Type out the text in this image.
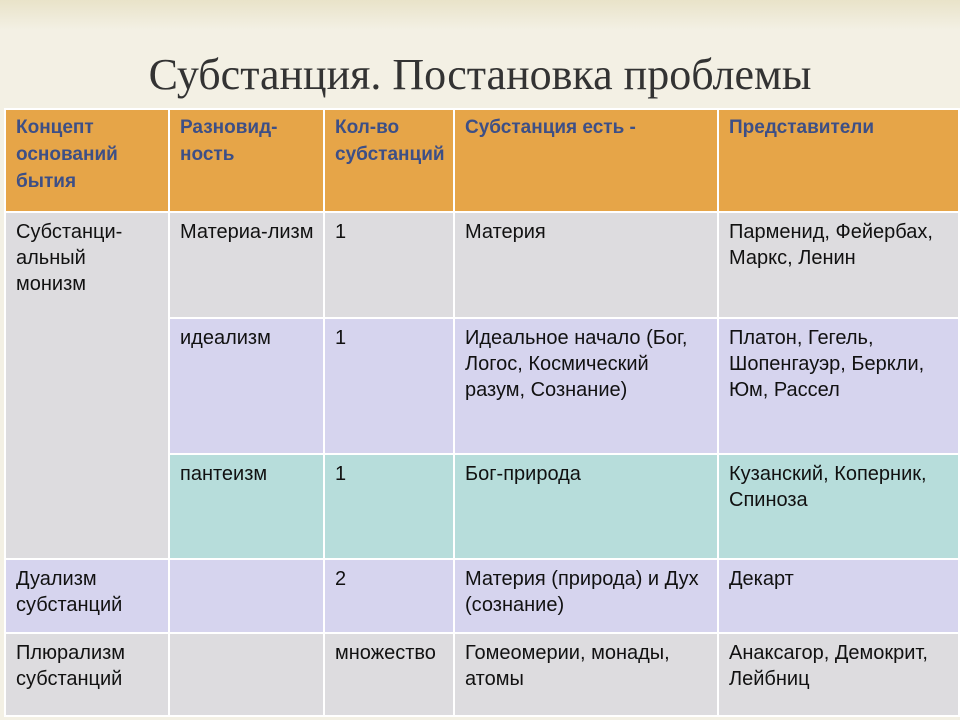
Субстанция. Постановка проблемы
Концепт оснований бытия	Разновид-ность	Кол-во субстанций	Субстанция есть -	Представители
Субстанци-альный монизм	Материа-лизм	1	Материя	Парменид, Фейербах, Маркс, Ленин
	идеализм	1	Идеальное начало (Бог, Логос, Космический разум, Сознание)	Платон, Гегель, Шопенгауэр, Беркли, Юм, Рассел
	пантеизм	1	Бог-природа	Кузанский, Коперник, Спиноза
Дуализм субстанций		2	Материя (природа) и Дух (сознание)	Декарт
Плюрализм субстанций		множество	Гомеомерии, монады, атомы	Анаксагор, Демокрит, Лейбниц
